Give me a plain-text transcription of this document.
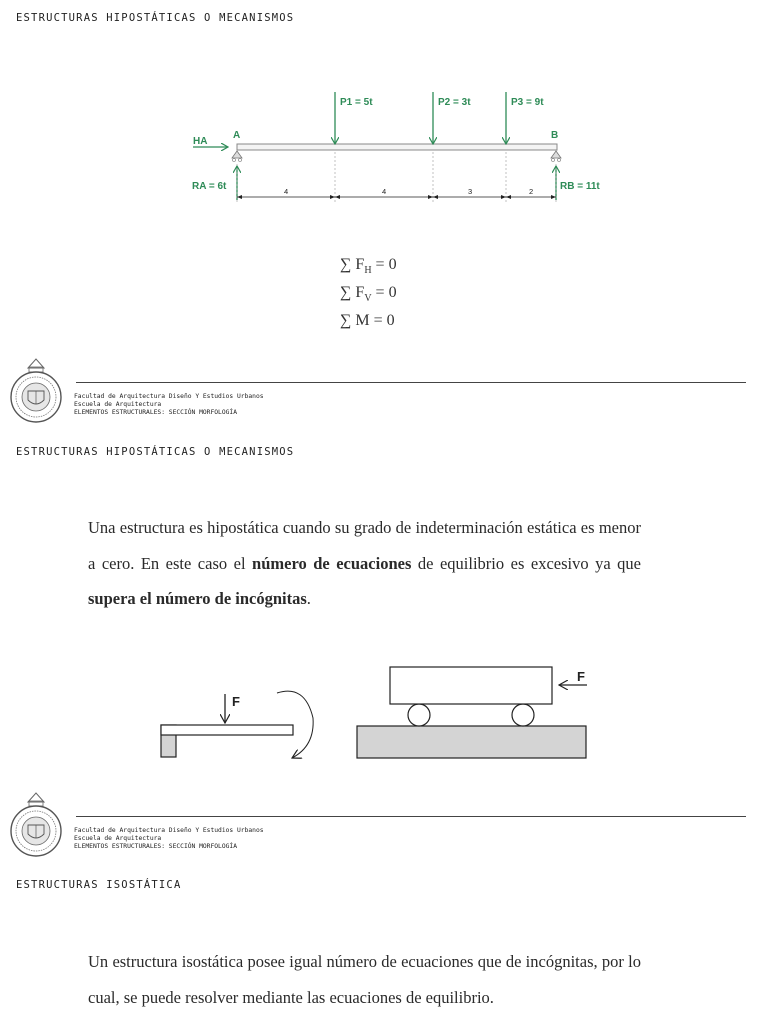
ESTRUCTURAS HIPOSTÁTICAS O MECANISMOS
P1 = 5t	P2 = 3t	P3 = 9t
HA
A	B
RA = 6t	RB = 11t
4	4	3	2
∑ $F_H = 0$
∑ $F_V = 0$
∑ M = 0
Facultad de Arquitectura Diseño Y Estudios Urbanos
Escuela de Arquitectura
ELEMENTOS ESTRUCTURALES: SECCIÓN MORFOLOGÍA
ESTRUCTURAS HIPOSTÁTICAS O MECANISMOS
Una estructura es hipostática cuando su grado de indeterminación estática es menor a cero. En este caso el número de ecuaciones de equilibrio es excesivo ya que supera el número de incógnitas.
F
F
Facultad de Arquitectura Diseño Y Estudios Urbanos
Escuela de Arquitectura
ELEMENTOS ESTRUCTURALES: SECCIÓN MORFOLOGÍA
ESTRUCTURAS ISOSTÁTICA
Un estructura isostática posee igual número de ecuaciones que de incógnitas, por lo cual, se puede resolver mediante las ecuaciones de equilibrio.
